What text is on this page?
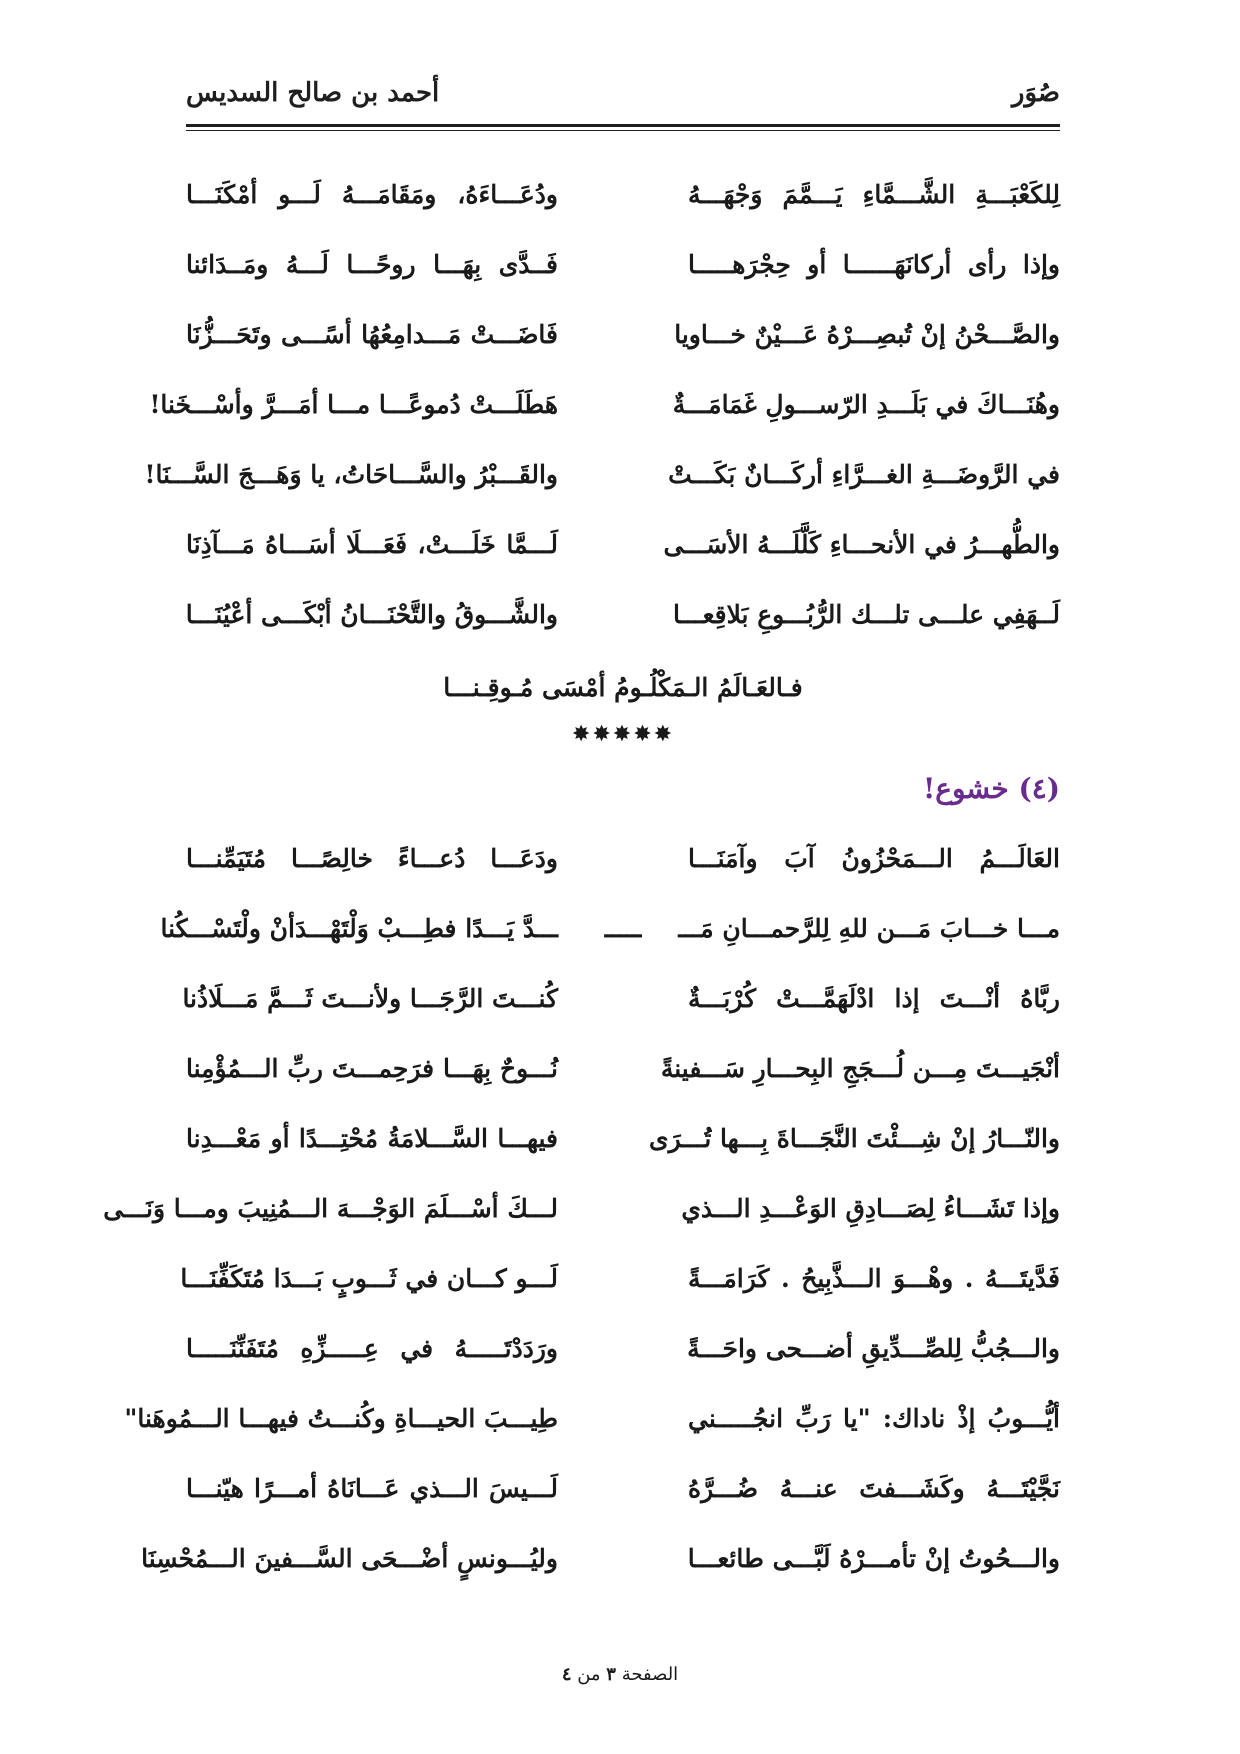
صُوَر
أحمد بن صالح السديس
لِلكَعْبَـــةِ الشَّـــمَّاءِ يَـــمَّمَ وَجْهَـــهُ
ودُعَـــاءَهُ، ومَقَامَـــهُ لَـــو أمْكَنَـــا
وإذا رأى أركانَهَــــــا أو حِجْرَهـــــا
فَــدَّى بِهَـــا روحًـــا لَـــهُ ومَــدَائنا
والصَّـــحْنُ إنْ تُبصِـــرْهُ عَـــيْنٌ خـــاويا
فَاضَـــتْ مَـــدامِعُهُا أسًـــى وتَحَـــزُّنَا
وهُنَـــاكَ في بَلَـــدِ الرّســـولِ غَمَامَـــةٌ
هَطَلَـــتْ دُموعًـــا مـــا أمَـــرَّ وأسْـــخَنا!
في الرَّوضَـــةِ الغـــرَّاءِ أركَـــانٌ بَكَـــتْ
والقَـــبْرُ والسَّـــاحَاتُ، يا وَهَـــجَ السَّـــنَا!
والطُّهـــرُ في الأنحـــاءِ كَلَّلَـــهُ الأسَـــى
لَـــمَّا خَلَـــتْ، فَعَـــلَا أسَـــاهُ مَـــآذِنَا
لَــهَفِي علـــى تلـــك الرُّبُـــوعِ بَلاقِعـــا
والشَّـــوقُ والتَّحْنَـــانُ أبْكَـــى أعْيُنَـــا
فـالعَـالَمُ الـمَكْلُـومُ أمْسَى مُـوقِـنـــا
✸✸✸✸✸
(٤) خشوع!
العَالَـــمُ الـــمَحْزُونُ آبَ وآمَنَـــا
ودَعَـــا دُعـــاءً خالِصًـــا مُتَيَمِّنـــا
مـــا خـــابَ مَـــن للهِ لِلرَّحمـــانِ مَـــ
ـــــ
ـــدَّ يَـــدًا فطِـــبْ وَلْتَهْـــدَأنْ ولْتَسْـــكُنا
ربَّاهُ أنْـــتَ إذا ادْلَهَمَّـــتْ كُرْبَـــةٌ
كُنـــتَ الرَّجَـــا ولأنـــتَ ثَـــمَّ مَـــلَاذُنا
أنْجَيـــتَ مِـــن لُـــجَجِ البِحـــارِ سَـــفينةً
نُـــوحٌ بِهَـــا فرَحِمـــتَ ربِّ الـــمُؤْمِنا
والنّـــارُ إنْ شِـــئْتَ النَّجَـــاةَ بِـــها تُـــرَى
فيهـــا السَّـــلامَةُ مُحْتِـــدًا أو مَعْـــدِنا
وإذا تَشَـــاءُ لِصَـــادِقِ الوَعْـــدِ الـــذي
لـــكَ أسْـــلَمَ الوَجْـــهَ الـــمُنِيبَ ومـــا وَنَـــى
فَدَّيتَـــهُ . وهْـــوَ الـــذَّبِيحُ . كَرَامَـــةً
لَـــو كـــان في ثَـــوبٍ بَـــدَا مُتَكَفِّنَـــا
والـــجُبُّ لِلصِّـــدِّيقِ أضـــحى واحَـــةً
ورَدَدْتَـــــهُ في عِـــــزِّهِ مُتَفَنِّنَـــــا
أيُّـــوبُ إذْ ناداك: "يا رَبِّ انجُـــــني
طِيـــبَ الحيـــاةِ وكُنـــتُ فيهـــا الـــمُوهَنا"
نَجَّيْتَـــهُ وكَشَـــفتَ عنـــهُ ضُـــرَّهُ
لَـــيسَ الـــذي عَـــانَاهُ أمـــرًا هيّنـــا
والـــحُوتُ إنْ تأمـــرْهُ لَبَّـــى طائعـــا
وليُـــونسٍ أضْـــحَى السَّـــفينَ الـــمُحْسِنَا
الصفحة ٣ من ٤
